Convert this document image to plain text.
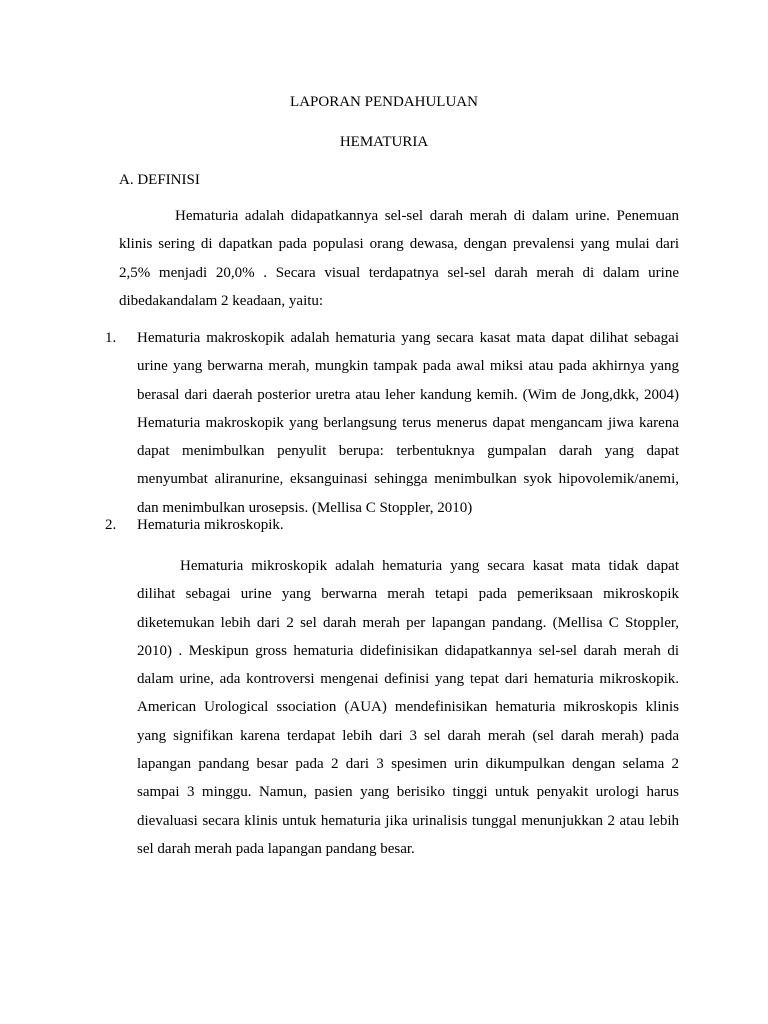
LAPORAN PENDAHULUAN
HEMATURIA
A. DEFINISI

Hematuria adalah didapatkannya sel-sel darah merah di dalam urine. Penemuan klinis sering di dapatkan pada populasi orang dewasa, dengan prevalensi yang mulai dari 2,5% menjadi 20,0% . Secara visual terdapatnya sel-sel darah merah di dalam urine dibedakandalam 2 keadaan, yaitu:

1.	Hematuria makroskopik adalah hematuria yang secara kasat mata dapat dilihat sebagai urine yang berwarna merah, mungkin tampak pada awal miksi atau pada akhirnya yang berasal dari daerah posterior uretra atau leher kandung kemih. (Wim de Jong,dkk, 2004) Hematuria makroskopik yang berlangsung terus menerus dapat mengancam jiwa karena dapat menimbulkan penyulit berupa: terbentuknya gumpalan darah yang dapat menyumbat aliranurine, eksanguinasi sehingga menimbulkan syok hipovolemik/anemi, dan menimbulkan urosepsis. (Mellisa C Stoppler, 2010)

2.	Hematuria mikroskopik.

Hematuria mikroskopik adalah hematuria yang secara kasat mata tidak dapat dilihat sebagai urine yang berwarna merah tetapi pada pemeriksaan mikroskopik diketemukan lebih dari 2 sel darah merah per lapangan pandang. (Mellisa C Stoppler, 2010) . Meskipun gross hematuria didefinisikan didapatkannya sel-sel darah merah di dalam urine, ada kontroversi mengenai definisi yang tepat dari hematuria mikroskopik. American Urological ssociation (AUA) mendefinisikan hematuria mikroskopis klinis yang signifikan karena terdapat lebih dari 3 sel darah merah (sel darah merah) pada lapangan pandang besar pada 2 dari 3 spesimen urin dikumpulkan dengan selama 2 sampai 3 minggu. Namun, pasien yang berisiko tinggi untuk penyakit urologi harus dievaluasi secara klinis untuk hematuria jika urinalisis tunggal menunjukkan 2 atau lebih sel darah merah pada lapangan pandang besar.
